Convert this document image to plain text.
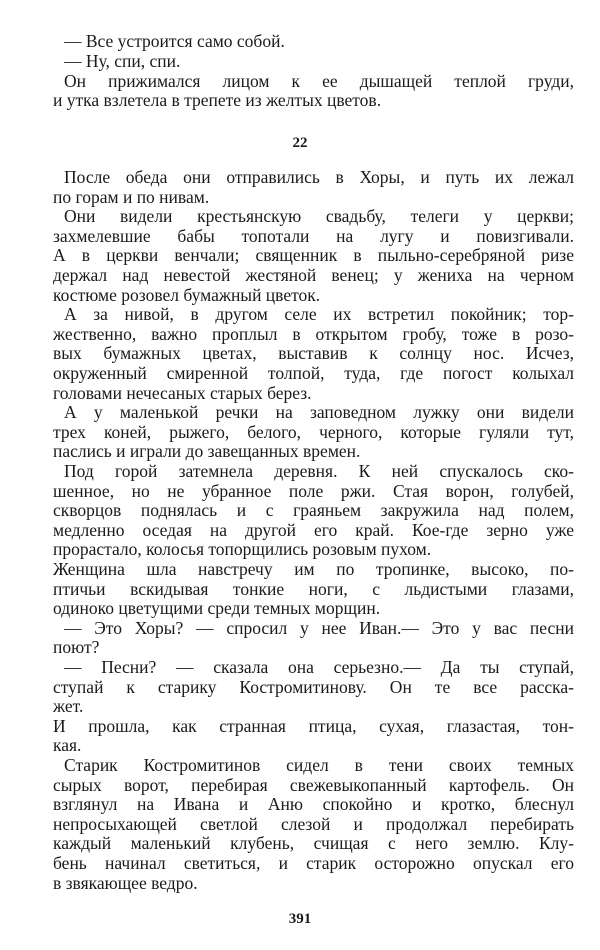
— Все устроится само собой.
— Ну, спи, спи.
Он прижимался лицом к ее дышащей теплой груди,
и утка взлетела в трепете из желтых цветов.
22
После обеда они отправились в Хоры, и путь их лежал
по горам и по нивам.
Они видели крестьянскую свадьбу, телеги у церкви;
захмелевшие бабы топотали на лугу и повизгивали.
А в церкви венчали; священник в пыльно-серебряной ризе
держал над невестой жестяной венец; у жениха на черном
костюме розовел бумажный цветок.
А за нивой, в другом селе их встретил покойник; тор-
жественно, важно проплыл в открытом гробу, тоже в розо-
вых бумажных цветах, выставив к солнцу нос. Исчез,
окруженный смиренной толпой, туда, где погост колыхал
головами нечесаных старых берез.
А у маленькой речки на заповедном лужку они видели
трех коней, рыжего, белого, черного, которые гуляли тут,
паслись и играли до завещанных времен.
Под горой затемнела деревня. К ней спускалось ско-
шенное, но не убранное поле ржи. Стая ворон, голубей,
скворцов поднялась и с граяньем закружила над полем,
медленно оседая на другой его край. Кое-где зерно уже
прорастало, колосья топорщились розовым пухом.
Женщина шла навстречу им по тропинке, высоко, по-
птичьи вскидывая тонкие ноги, с льдистыми глазами,
одиноко цветущими среди темных морщин.
— Это Хоры? — спросил у нее Иван.— Это у вас песни
поют?
— Песни? — сказала она серьезно.— Да ты ступай,
ступай к старику Костромитинову. Он те все расска-
жет.
И прошла, как странная птица, сухая, глазастая, тон-
кая.
Старик Костромитинов сидел в тени своих темных
сырых ворот, перебирая свежевыкопанный картофель. Он
взглянул на Ивана и Аню спокойно и кротко, блеснул
непросыхающей светлой слезой и продолжал перебирать
каждый маленький клубень, счищая с него землю. Клу-
бень начинал светиться, и старик осторожно опускал его
в звякающее ведро.
391
